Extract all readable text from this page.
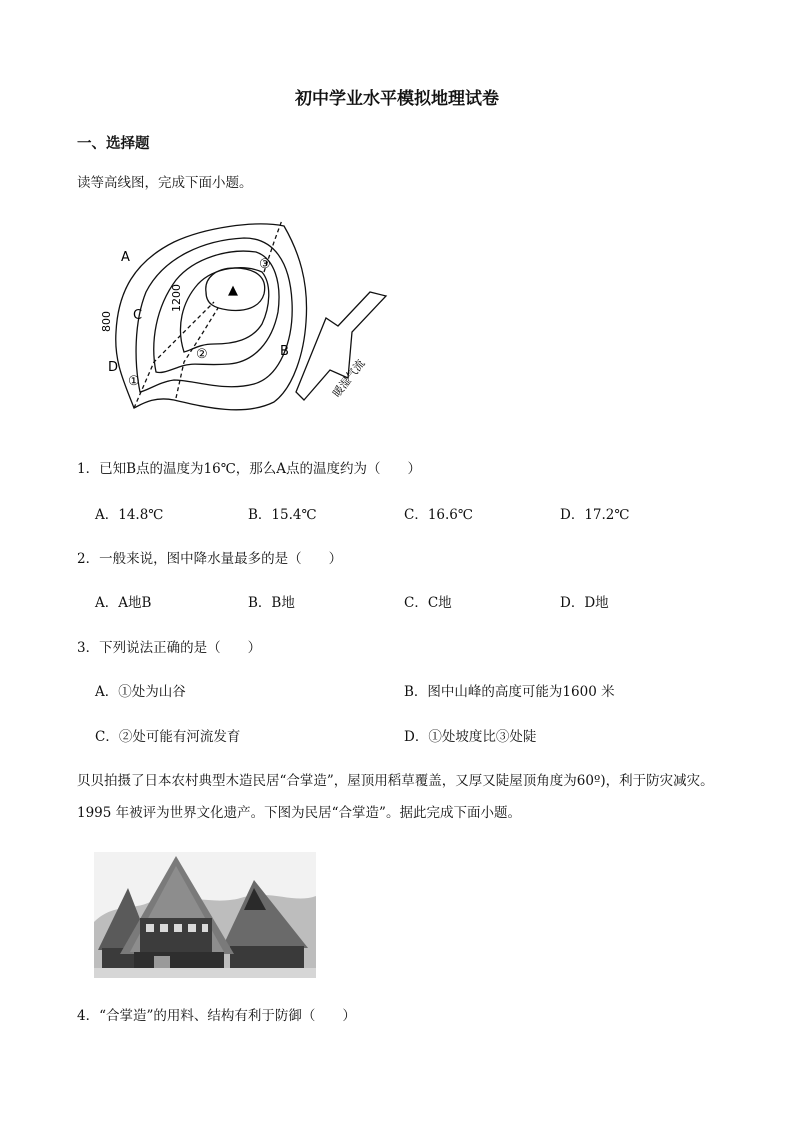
初中学业水平模拟地理试卷
一、选择题
读等高线图，完成下面小题。
A
B
C
D
800
1200
①
②
③
▲
暖湿气流
1．已知B点的温度为16℃，那么A点的温度约为（　　）
A．14.8℃	B．15.4℃	C．16.6℃	D．17.2℃
2．一般来说，图中降水量最多的是（　　）
A．A地B	B．B地	C．C地	D．D地
3．下列说法正确的是（　　）
A．①处为山谷	B．图中山峰的高度可能为1600 米
C．②处可能有河流发育	D．①处坡度比③处陡
贝贝拍摄了日本农村典型木造民居“合掌造”，屋顶用稻草覆盖，又厚又陡屋顶角度为60º)，利于防灾减灾。1995 年被评为世界文化遗产。下图为民居“合掌造”。据此完成下面小题。
4．“合掌造”的用料、结构有利于防御（　　）
